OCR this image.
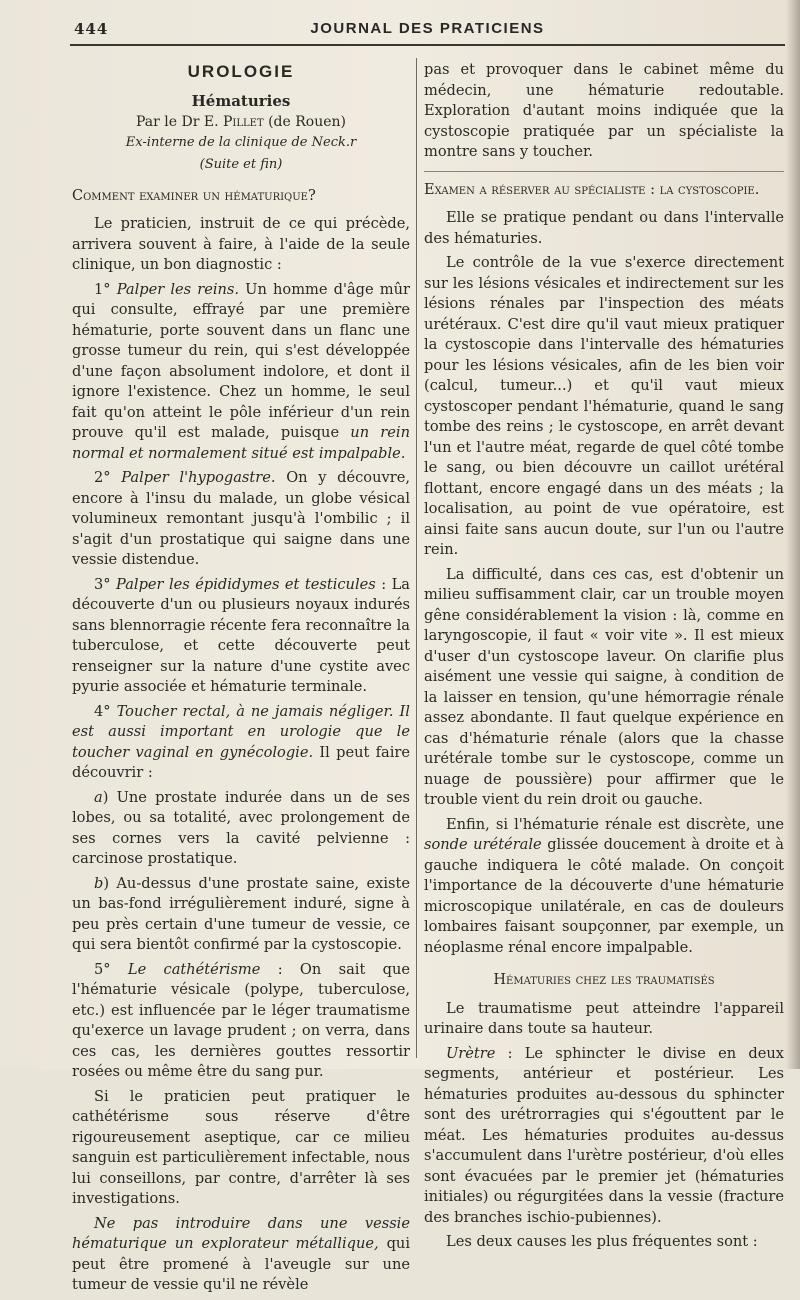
444	JOURNAL DES PRATICIENS
UROLOGIE
Hématuries

Par le Dr E. Pillet (de Rouen)

Ex-interne de la clinique de Neck.r

(Suite et fin)

Comment examiner un hématurique?

Le praticien, instruit de ce qui précède, arrivera souvent à faire, à l'aide de la seule clinique, un bon diagnostic :

1° Palper les reins. Un homme d'âge mûr qui consulte, effrayé par une première hématurie, porte souvent dans un flanc une grosse tumeur du rein, qui s'est développée d'une façon absolument indolore, et dont il ignore l'existence. Chez un homme, le seul fait qu'on atteint le pôle inférieur d'un rein prouve qu'il est malade, puisque un rein normal et normalement situé est impalpable.

2° Palper l'hypogastre. On y découvre, encore à l'insu du malade, un globe vésical volumineux remontant jusqu'à l'ombilic ; il s'agit d'un prostatique qui saigne dans une vessie distendue.

3° Palper les épididymes et testicules : La découverte d'un ou plusieurs noyaux indurés sans blennorragie récente fera reconnaître la tuberculose, et cette découverte peut renseigner sur la nature d'une cystite avec pyurie associée et hématurie terminale.

4° Toucher rectal, à ne jamais négliger. Il est aussi important en urologie que le toucher vaginal en gynécologie. Il peut faire découvrir :

a) Une prostate indurée dans un de ses lobes, ou sa totalité, avec prolongement de ses cornes vers la cavité pelvienne : carcinose prostatique.

b) Au-dessus d'une prostate saine, existe un bas-fond irrégulièrement induré, signe à peu près certain d'une tumeur de vessie, ce qui sera bientôt confirmé par la cystoscopie.

5° Le cathétérisme : On sait que l'hématurie vésicale (polype, tuberculose, etc.) est influencée par le léger traumatisme qu'exerce un lavage prudent ; on verra, dans ces cas, les dernières gouttes ressortir rosées ou même être du sang pur.

Si le praticien peut pratiquer le cathétérisme sous réserve d'être rigoureusement aseptique, car ce milieu sanguin est particulièrement infectable, nous lui conseillons, par contre, d'arrêter là ses investigations.

Ne pas introduire dans une vessie hématurique un explorateur métallique, qui peut être promené à l'aveugle sur une tumeur de vessie qu'il ne révèle

pas et provoquer dans le cabinet même du médecin, une hématurie redoutable. Exploration d'autant moins indiquée que la cystoscopie pratiquée par un spécialiste la montre sans y toucher.

Examen a réserver au spécialiste : la cystoscopie.

Elle se pratique pendant ou dans l'intervalle des hématuries.

Le contrôle de la vue s'exerce directement sur les lésions vésicales et indirectement sur les lésions rénales par l'inspection des méats urétéraux. C'est dire qu'il vaut mieux pratiquer la cystoscopie dans l'intervalle des hématuries pour les lésions vésicales, afin de les bien voir (calcul, tumeur...) et qu'il vaut mieux cystoscoper pendant l'hématurie, quand le sang tombe des reins ; le cystoscope, en arrêt devant l'un et l'autre méat, regarde de quel côté tombe le sang, ou bien découvre un caillot urétéral flottant, encore engagé dans un des méats ; la localisation, au point de vue opératoire, est ainsi faite sans aucun doute, sur l'un ou l'autre rein.

La difficulté, dans ces cas, est d'obtenir un milieu suffisamment clair, car un trouble moyen gêne considérablement la vision : là, comme en laryngoscopie, il faut « voir vite ». Il est mieux d'user d'un cystoscope laveur. On clarifie plus aisément une vessie qui saigne, à condition de la laisser en tension, qu'une hémorragie rénale assez abondante. Il faut quelque expérience en cas d'hématurie rénale (alors que la chasse urétérale tombe sur le cystoscope, comme un nuage de poussière) pour affirmer que le trouble vient du rein droit ou gauche.

Enfin, si l'hématurie rénale est discrète, une sonde urétérale glissée doucement à droite et à gauche indiquera le côté malade. On conçoit l'importance de la découverte d'une hématurie microscopique unilatérale, en cas de douleurs lombaires faisant soupçonner, par exemple, un néoplasme rénal encore impalpable.

Hématuries chez les traumatisés

Le traumatisme peut atteindre l'appareil urinaire dans toute sa hauteur.

Urètre : Le sphincter le divise en deux segments, antérieur et postérieur. Les hématuries produites au-dessous du sphincter sont des urétrorragies qui s'égouttent par le méat. Les hématuries produites au-dessus s'accumulent dans l'urètre postérieur, d'où elles sont évacuées par le premier jet (hématuries initiales) ou régurgitées dans la vessie (fracture des branches ischio-pubiennes).

Les deux causes les plus fréquentes sont :
